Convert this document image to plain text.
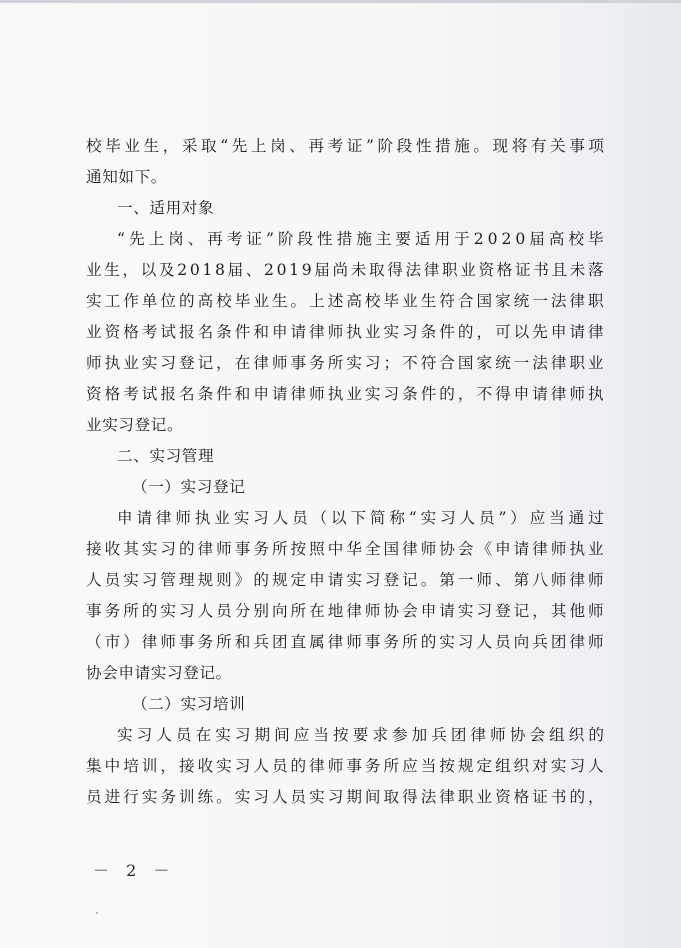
校 毕 业 生 ， 采 取 “ 先 上 岗 、 再 考 证 ” 阶 段 性 措 施 。 现 将 有 关 事 项
通知如下。
一、适用对象
“ 先 上 岗 、 再 考 证 ” 阶 段 性 措 施 主 要 适 用 于 2 0 2 0 届 高 校 毕
业 生 ， 以 及 2 0 1 8 届 、 2 0 1 9 届 尚 未 取 得 法 律 职 业 资 格 证 书 且 未 落
实 工 作 单 位 的 高 校 毕 业 生 。 上 述 高 校 毕 业 生 符 合 国 家 统 一 法 律 职
业 资 格 考 试 报 名 条 件 和 申 请 律 师 执 业 实 习 条 件 的 ， 可 以 先 申 请 律
师 执 业 实 习 登 记 ， 在 律 师 事 务 所 实 习 ； 不 符 合 国 家 统 一 法 律 职 业
资 格 考 试 报 名 条 件 和 申 请 律 师 执 业 实 习 条 件 的 ， 不 得 申 请 律 师 执
业实习登记。
二、实习管理
（一）实习登记
申 请 律 师 执 业 实 习 人 员 （ 以 下 简 称 “ 实 习 人 员 ” ） 应 当 通 过
接 收 其 实 习 的 律 师 事 务 所 按 照 中 华 全 国 律 师 协 会 《 申 请 律 师 执 业
人 员 实 习 管 理 规 则 》 的 规 定 申 请 实 习 登 记 。 第 一 师 、 第 八 师 律 师
事 务 所 的 实 习 人 员 分 别 向 所 在 地 律 师 协 会 申 请 实 习 登 记 ， 其 他 师
（ 市 ） 律 师 事 务 所 和 兵 团 直 属 律 师 事 务 所 的 实 习 人 员 向 兵 团 律 师
协会申请实习登记。
（二）实习培训
实 习 人 员 在 实 习 期 间 应 当 按 要 求 参 加 兵 团 律 师 协 会 组 织 的
集 中 培 训 ， 接 收 实 习 人 员 的 律 师 事 务 所 应 当 按 规 定 组 织 对 实 习 人
员 进 行 实 务 训 练 。 实 习 人 员 实 习 期 间 取 得 法 律 职 业 资 格 证 书 的 ，
－ 2 －
